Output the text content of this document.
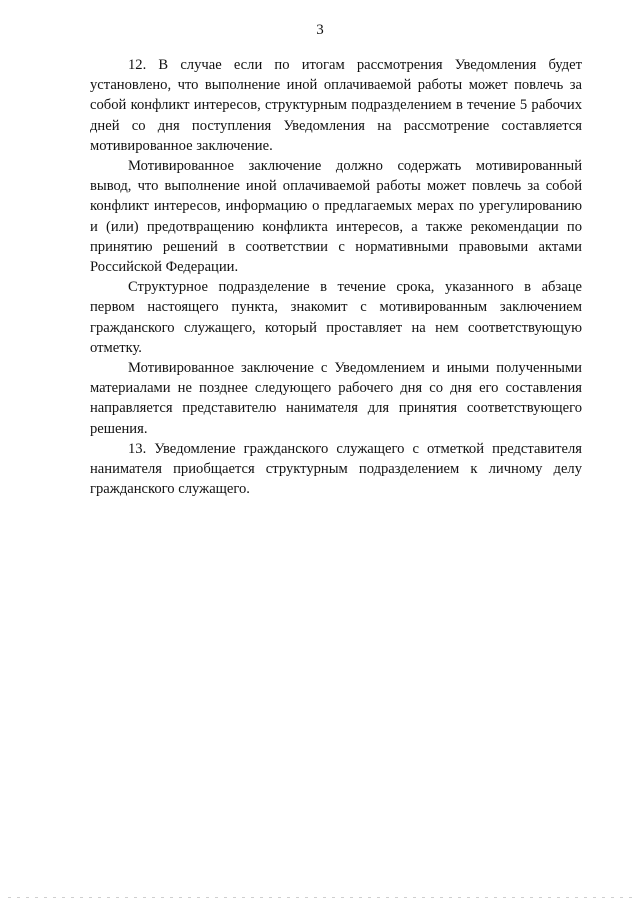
3

12. В случае если по итогам рассмотрения Уведомления будет установлено, что выполнение иной оплачиваемой работы может повлечь за собой конфликт интересов, структурным подразделением в течение 5 рабочих дней со дня поступления Уведомления на рассмотрение составляется мотивированное заключение.

Мотивированное заключение должно содержать мотивированный вывод, что выполнение иной оплачиваемой работы может повлечь за собой конфликт интересов, информацию о предлагаемых мерах по урегулированию и (или) предотвращению конфликта интересов, а также рекомендации по принятию решений в соответствии с нормативными правовыми актами Российской Федерации.

Структурное подразделение в течение срока, указанного в абзаце первом настоящего пункта, знакомит с мотивированным заключением гражданского служащего, который проставляет на нем соответствующую отметку.

Мотивированное заключение с Уведомлением и иными полученными материалами не позднее следующего рабочего дня со дня его составления направляется представителю нанимателя для принятия соответствующего решения.

13. Уведомление гражданского служащего с отметкой представителя нанимателя приобщается структурным подразделением к личному делу гражданского служащего.
